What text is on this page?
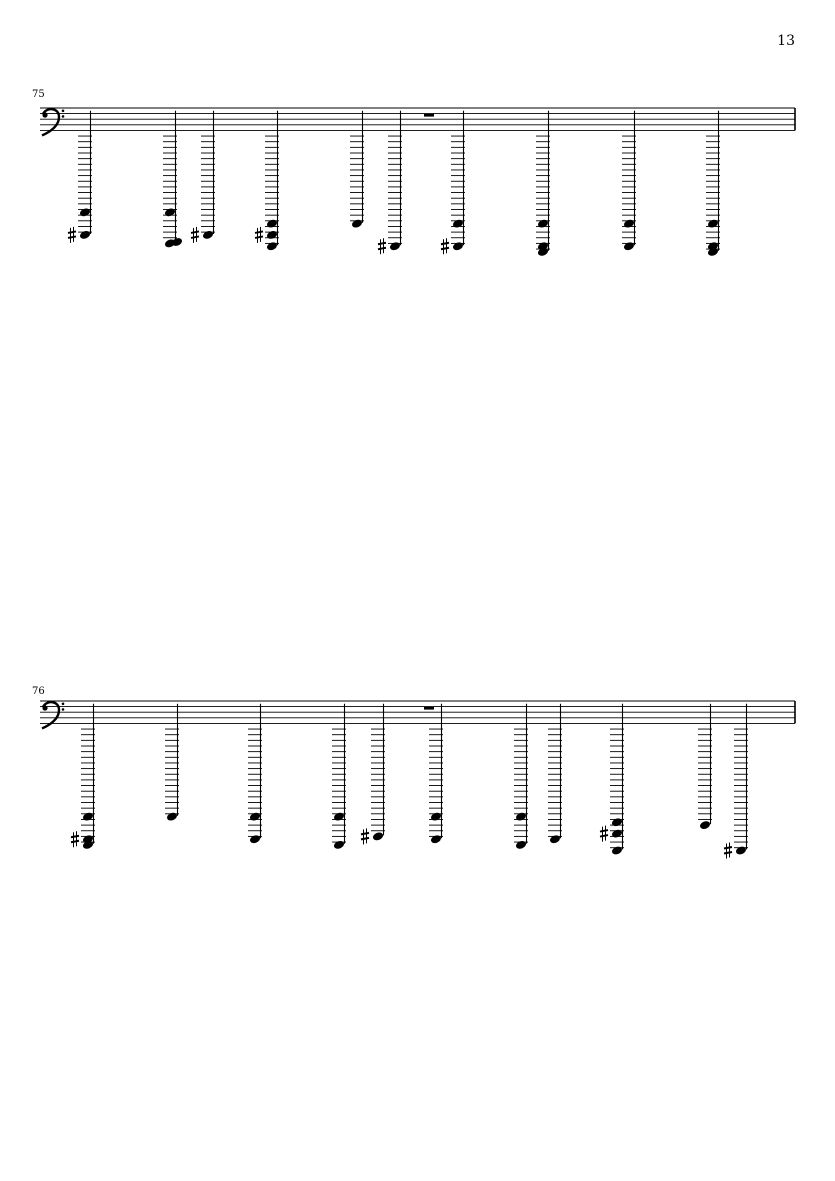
13
75
76
